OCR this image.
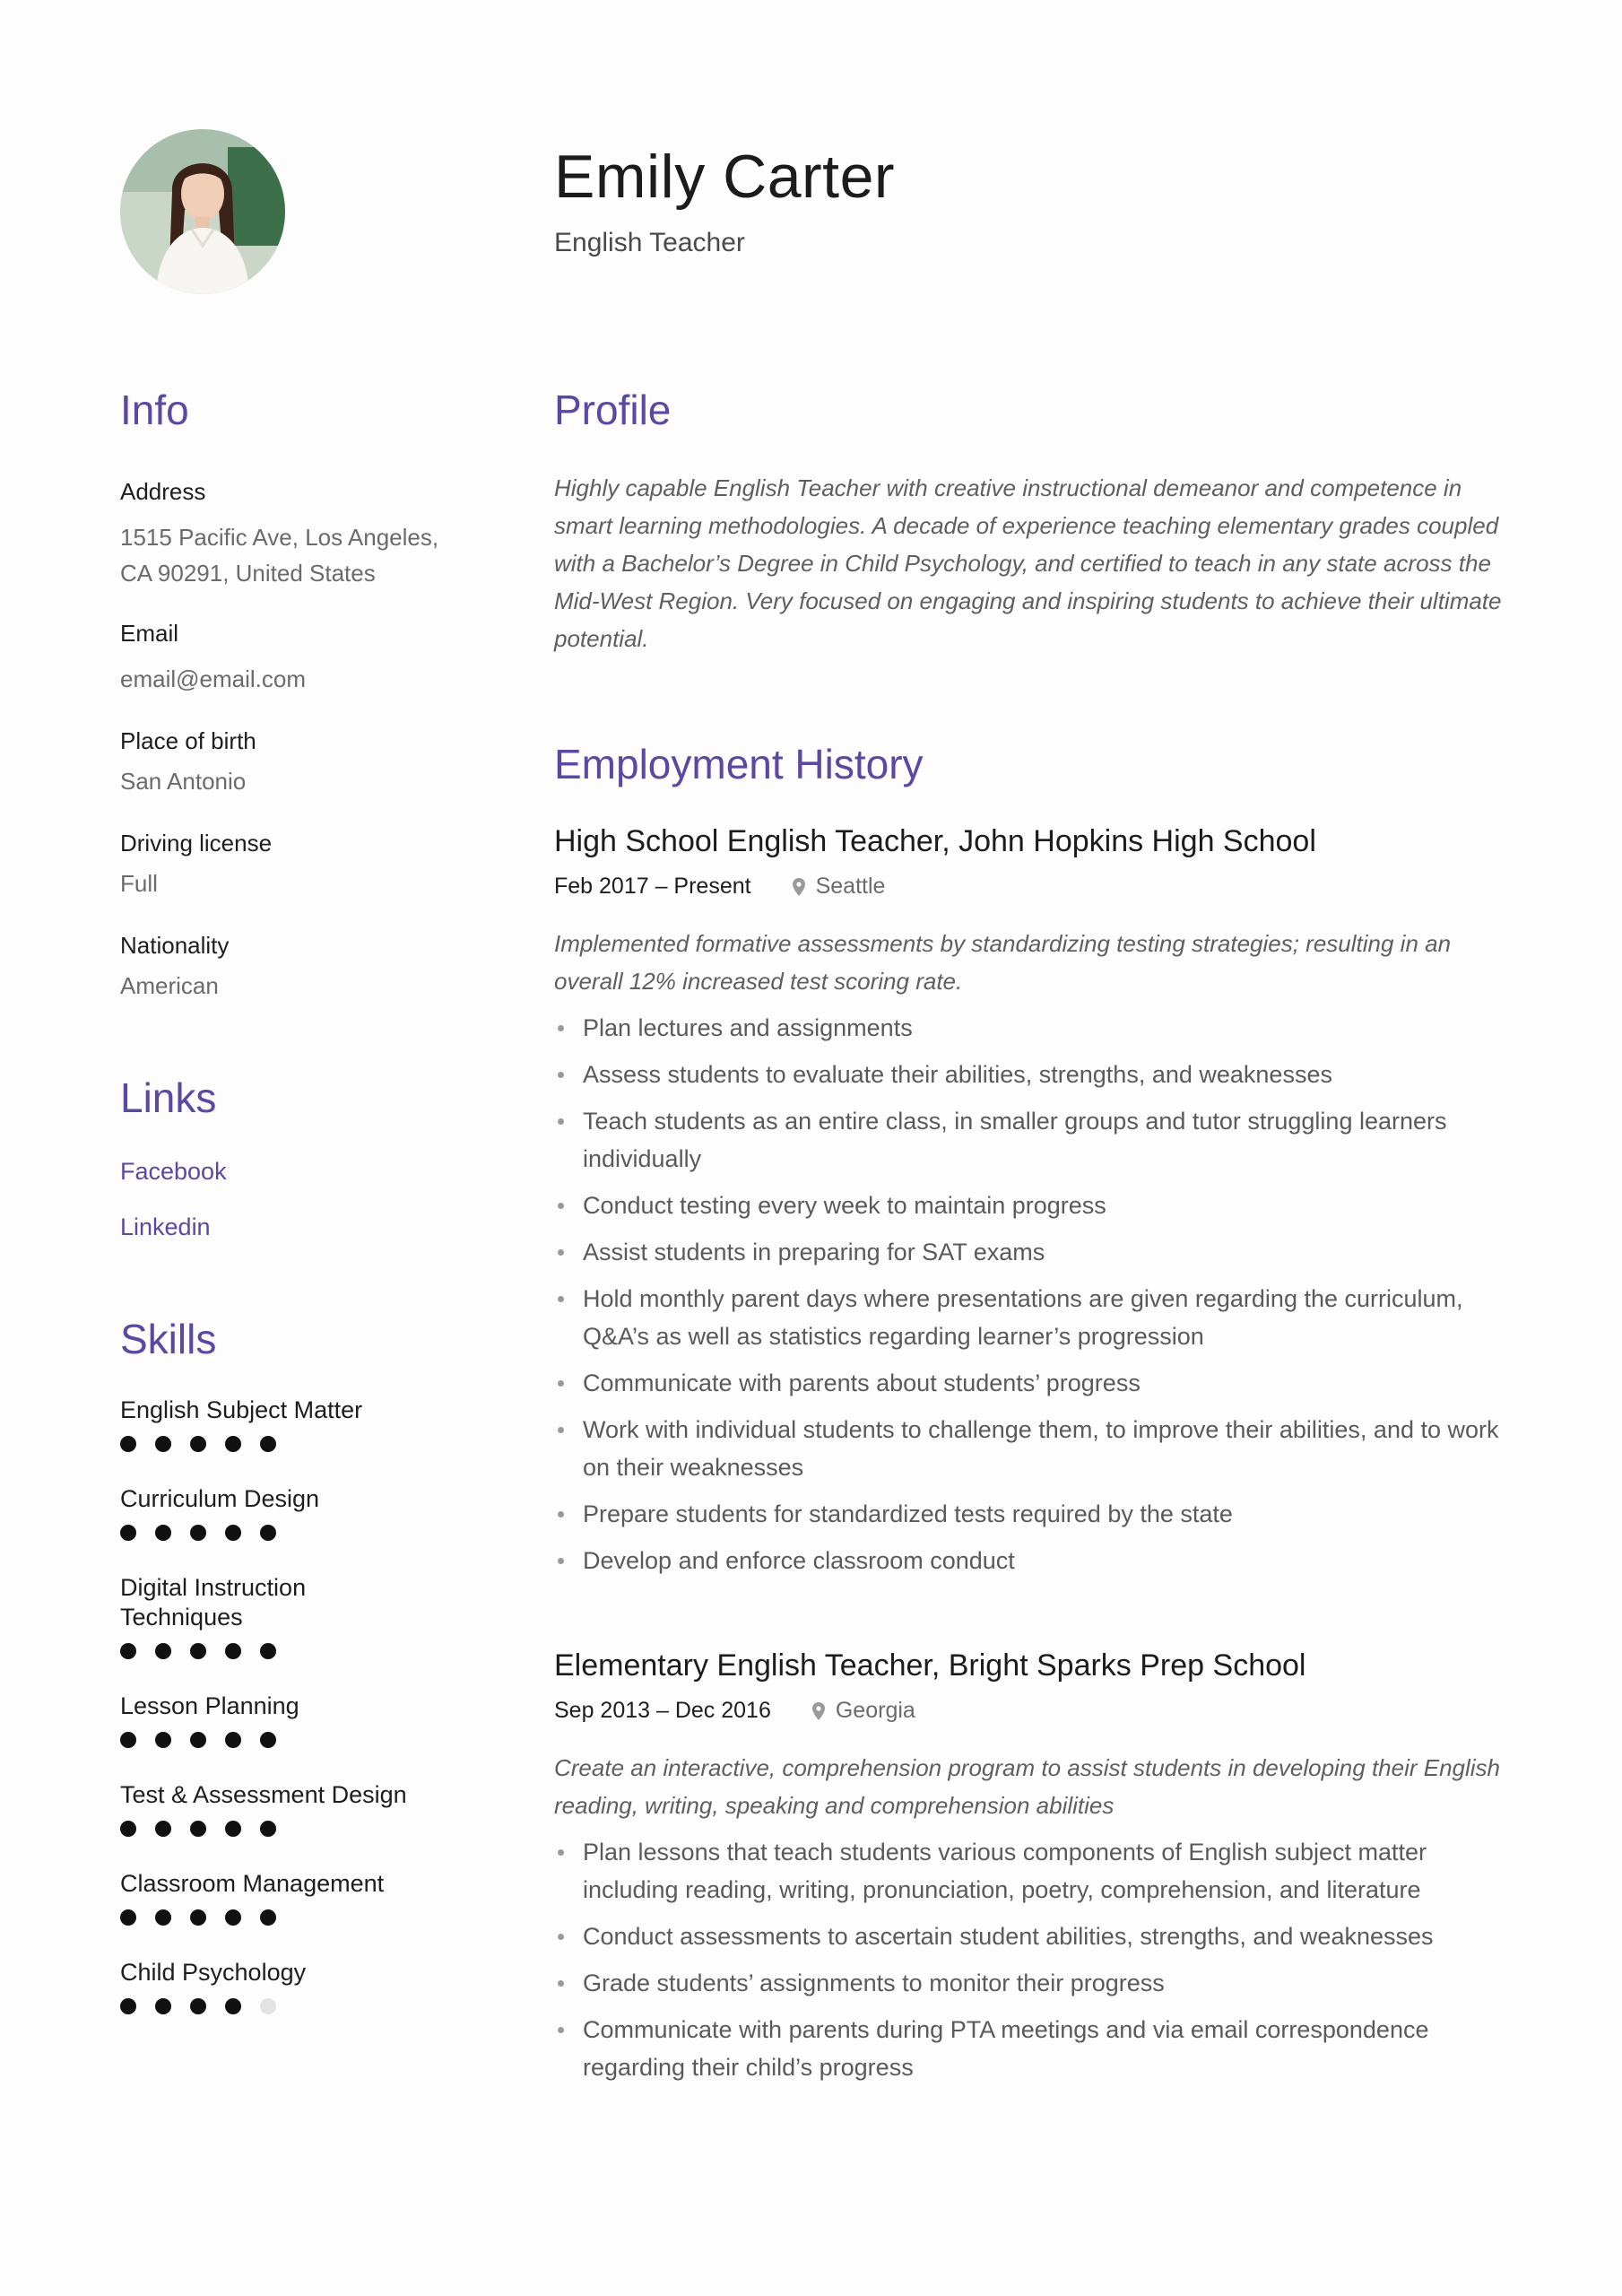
Emily Carter
English Teacher
Info
Address
1515 Pacific Ave, Los Angeles, CA 90291, United States
Email
email@email.com
Place of birth
San Antonio
Driving license
Full
Nationality
American
Links
Facebook
Linkedin
Skills
English Subject Matter
Curriculum Design
Digital Instruction Techniques
Lesson Planning
Test & Assessment Design
Classroom Management
Child Psychology
Profile

Highly capable English Teacher with creative instructional demeanor and competence in smart learning methodologies. A decade of experience teaching elementary grades coupled with a Bachelor’s Degree in Child Psychology, and certified to teach in any state across the Mid-West Region. Very focused on engaging and inspiring students to achieve their ultimate potential.

Employment History
High School English Teacher, John Hopkins High School
Feb 2017 – Present	Seattle

Implemented formative assessments by standardizing testing strategies; resulting in an overall 12% increased test scoring rate.

Plan lectures and assignments
Assess students to evaluate their abilities, strengths, and weaknesses
Teach students as an entire class, in smaller groups and tutor struggling learners individually
Conduct testing every week to maintain progress
Assist students in preparing for SAT exams
Hold monthly parent days where presentations are given regarding the curriculum, Q&A’s as well as statistics regarding learner’s progression
Communicate with parents about students’ progress
Work with individual students to challenge them, to improve their abilities, and to work on their weaknesses
Prepare students for standardized tests required by the state
Develop and enforce classroom conduct
Elementary English Teacher, Bright Sparks Prep School
Sep 2013 – Dec 2016	Georgia

Create an interactive, comprehension program to assist students in developing their English reading, writing, speaking and comprehension abilities

Plan lessons that teach students various components of English subject matter including reading, writing, pronunciation, poetry, comprehension, and literature
Conduct assessments to ascertain student abilities, strengths, and weaknesses
Grade students’ assignments to monitor their progress
Communicate with parents during PTA meetings and via email correspondence regarding their child’s progress
